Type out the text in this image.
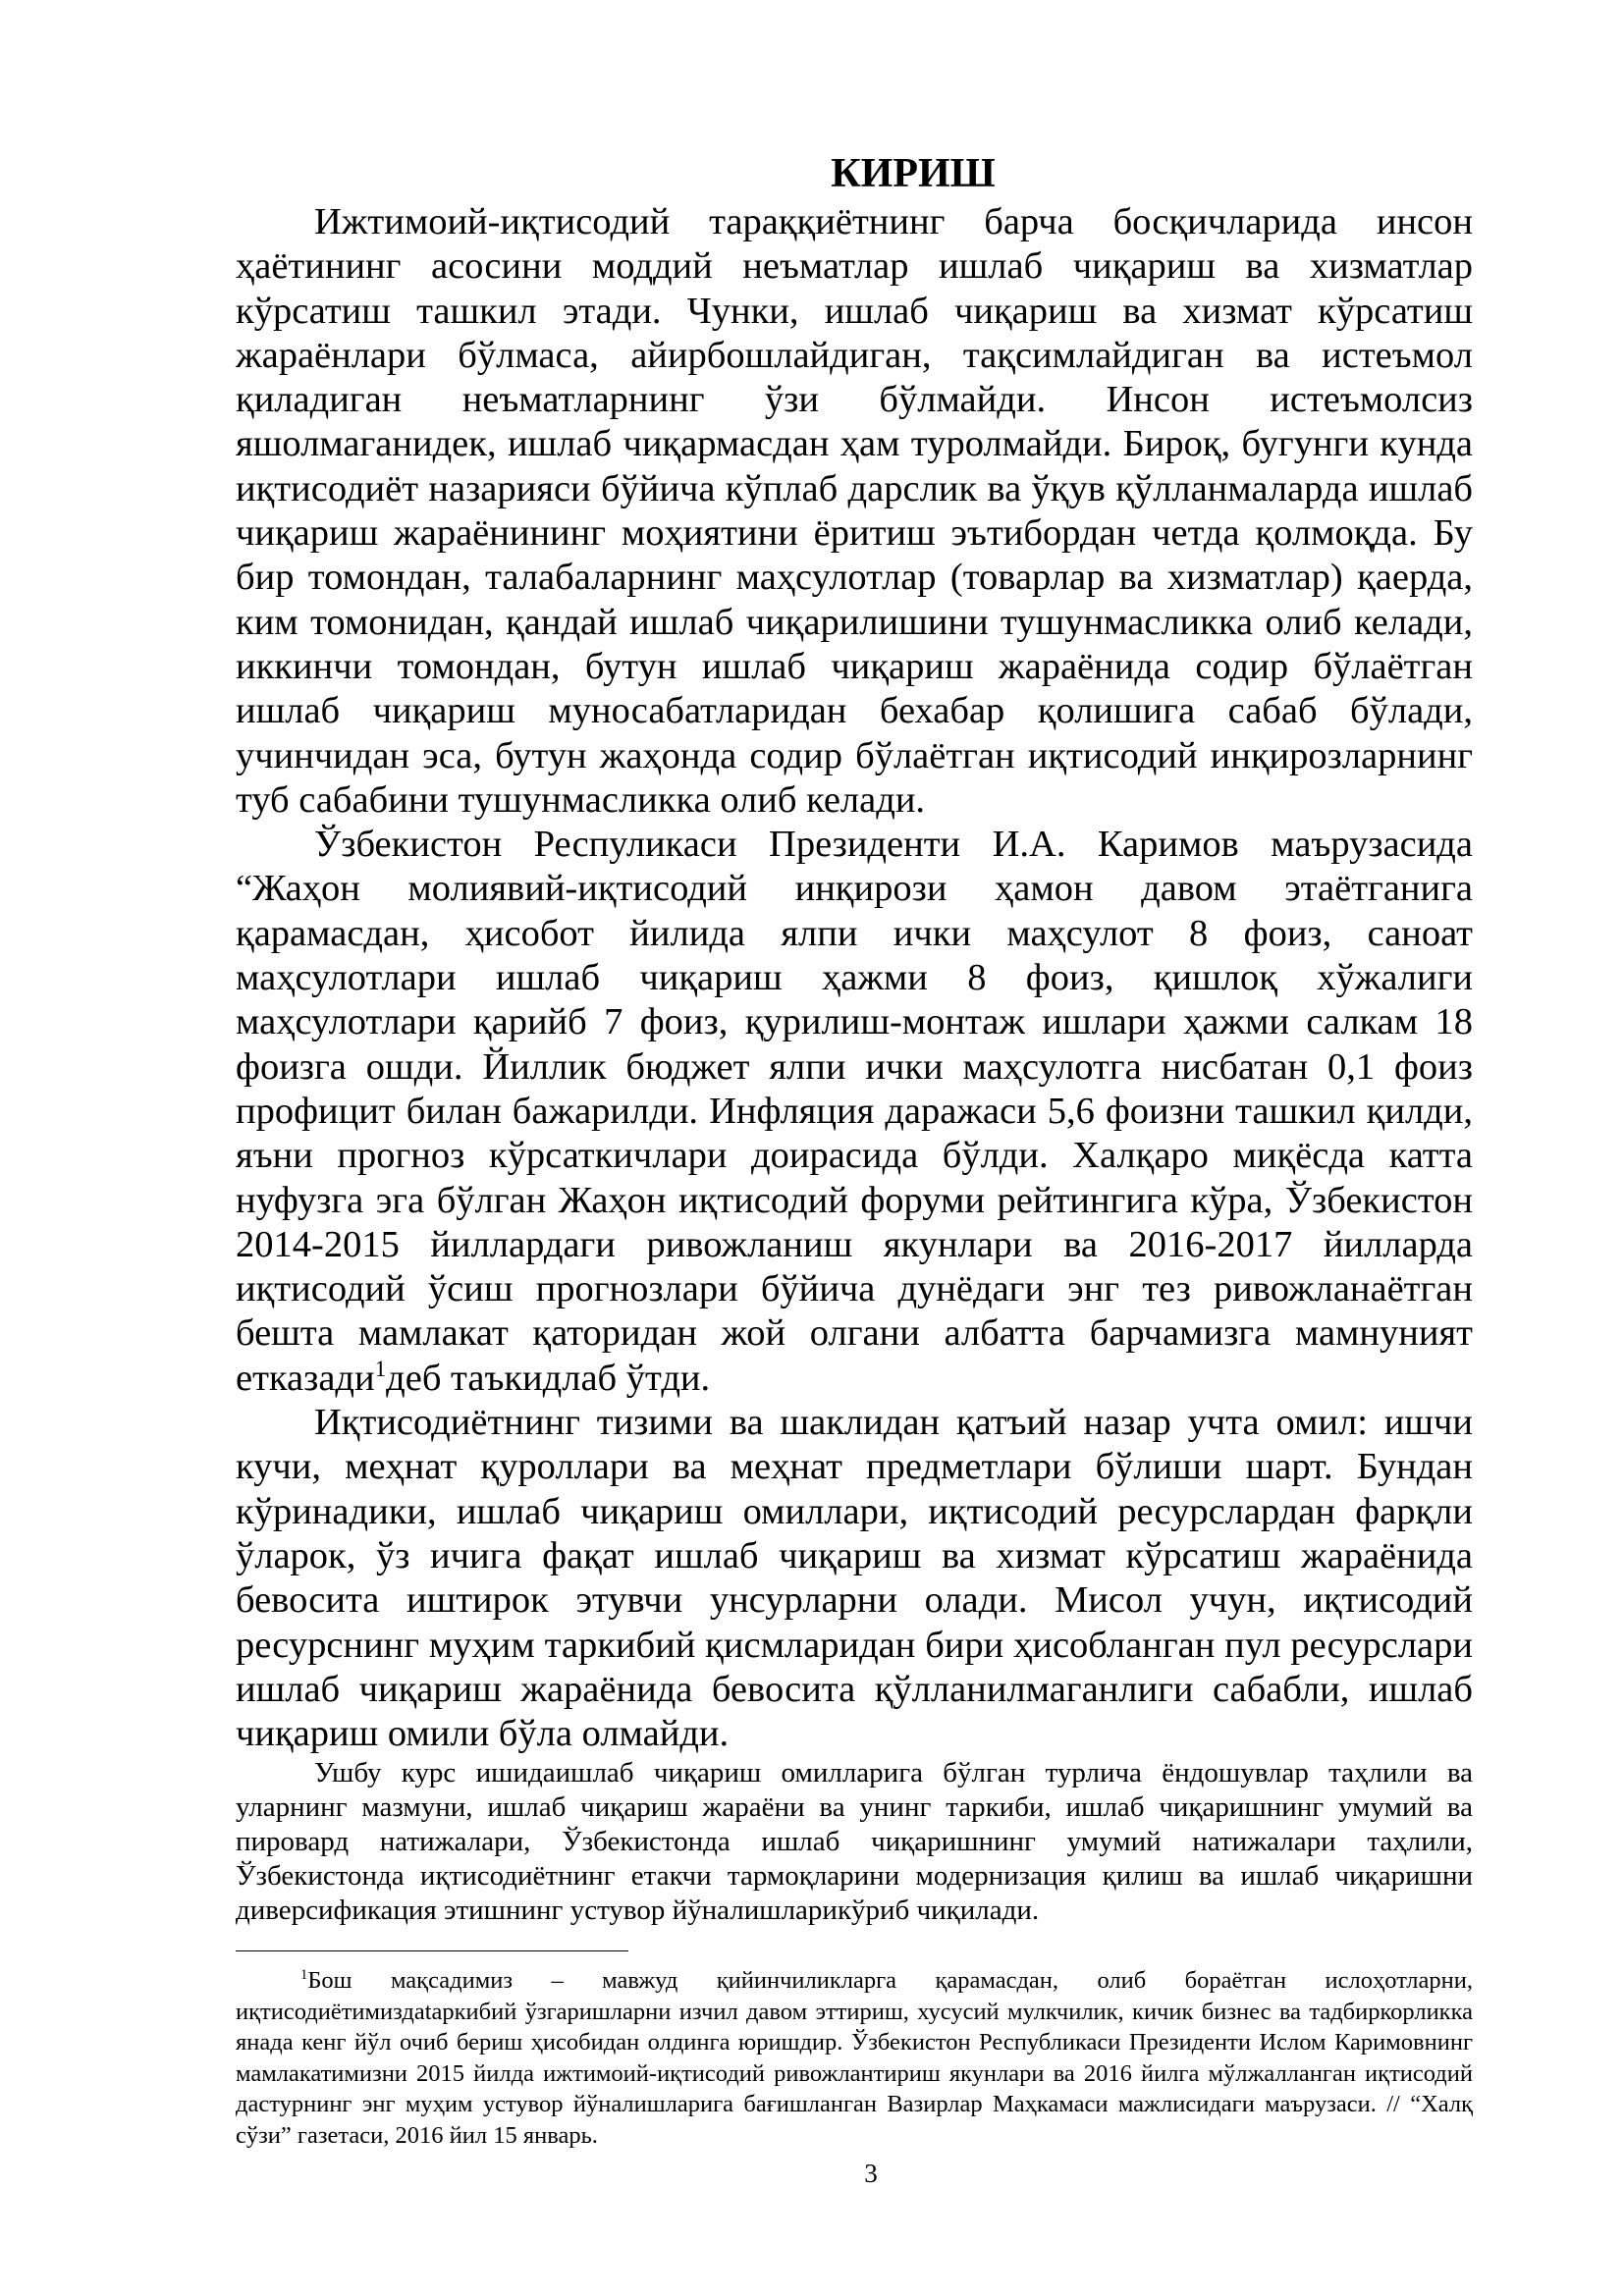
КИРИШ

Ижтимоий-иқтисодий тараққиётнинг барча босқичларида инсон ҳаётининг асосини моддий неъматлар ишлаб чиқариш ва хизматлар кўрсатиш ташкил этади. Чунки, ишлаб чиқариш ва хизмат кўрсатиш жараёнлари бўлмаса, айирбошлайдиган, тақсимлайдиган ва истеъмол қиладиган неъматларнинг ўзи бўлмайди. Инсон истеъмолсиз яшолмаганидек, ишлаб чиқармасдан ҳам туролмайди. Бироқ, бугунги кунда иқтисодиёт назарияси бўйича кўплаб дарслик ва ўқув қўлланмаларда ишлаб чиқариш жараёнининг моҳиятини ёритиш эътибордан четда қолмоқда. Бу бир томондан, талабаларнинг маҳсулотлар (товарлар ва хизматлар) қаерда, ким томонидан, қандай ишлаб чиқарилишини тушунмасликка олиб келади, иккинчи томондан, бутун ишлаб чиқариш жараёнида содир бўлаётган ишлаб чиқариш муносабатларидан бехабар қолишига сабаб бўлади, учинчидан эса, бутун жаҳонда содир бўлаётган иқтисодий инқирозларнинг туб сабабини тушунмасликка олиб келади.

Ўзбекистон Респуликаси Президенти И.А. Каримов маърузасида “Жаҳон молиявий-иқтисодий инқирози ҳамон давом этаётганига қарамасдан, ҳисобот йилида ялпи ички маҳсулот 8 фоиз, саноат маҳсулотлари ишлаб чиқариш ҳажми 8 фоиз, қишлоқ хўжалиги маҳсулотлари қарийб 7 фоиз, қурилиш-монтаж ишлари ҳажми салкам 18 фоизга ошди. Йиллик бюджет ялпи ички маҳсулотга нисбатан 0,1 фоиз профицит билан бажарилди. Инфляция даражаси 5,6 фоизни ташкил қилди, яъни прогноз кўрсаткичлари доирасида бўлди. Халқаро миқёсда катта нуфузга эга бўлган Жаҳон иқтисодий форуми рейтингига кўра, Ўзбекистон 2014-2015 йиллардаги ривожланиш якунлари ва 2016-2017 йилларда иқтисодий ўсиш прогнозлари бўйича дунёдаги энг тез ривожланаётган бешта мамлакат қаторидан жой олгани албатта барчамизга мамнуният етказади$^1$деб таъкидлаб ўтди.

Иқтисодиётнинг тизими ва шаклидан қатъий назар учта омил: ишчи кучи, меҳнат қуроллари ва меҳнат предметлари бўлиши шарт. Бундан кўринадики, ишлаб чиқариш омиллари, иқтисодий ресурслардан фарқли ўларок, ўз ичига фақат ишлаб чиқариш ва хизмат кўрсатиш жараёнида бевосита иштирок этувчи унсурларни олади. Мисол учун, иқтисодий ресурснинг муҳим таркибий қисмларидан бири ҳисобланган пул ресурслари ишлаб чиқариш жараёнида бевосита қўлланилмаганлиги сабабли, ишлаб чиқариш омили бўла олмайди.

Ушбу курс ишидаишлаб чиқариш омилларига бўлган турлича ёндошувлар таҳлили ва уларнинг мазмуни, ишлаб чиқариш жараёни ва унинг таркиби, ишлаб чиқаришнинг умумий ва пировард натижалари, Ўзбекистонда ишлаб чиқаришнинг умумий натижалари таҳлили, Ўзбекистонда иқтисодиётнинг етакчи тармоқларини модернизация қилиш ва ишлаб чиқаришни диверсификация этишнинг устувор йўналишларикўриб чиқилади.

$^1$Бош мақсадимиз – мавжуд қийинчиликларга қарамасдан, олиб бораётган ислоҳотларни, иқтисодиётимиздаtаркибий ўзгаришларни изчил давом эттириш, хусусий мулкчилик, кичик бизнес ва тадбиркорликка янада кенг йўл очиб бериш ҳисобидан олдинга юришдир. Ўзбекистон Республикаси Президенти Ислом Каримовнинг мамлакатимизни 2015 йилда ижтимоий-иқтисодий ривожлантириш якунлари ва 2016 йилга мўлжалланган иқтисодий дастурнинг энг муҳим устувор йўналишларига бағишланган Вазирлар Маҳкамаси мажлисидаги маърузаси. // “Халқ сўзи” газетаси, 2016 йил 15 январь.

3
